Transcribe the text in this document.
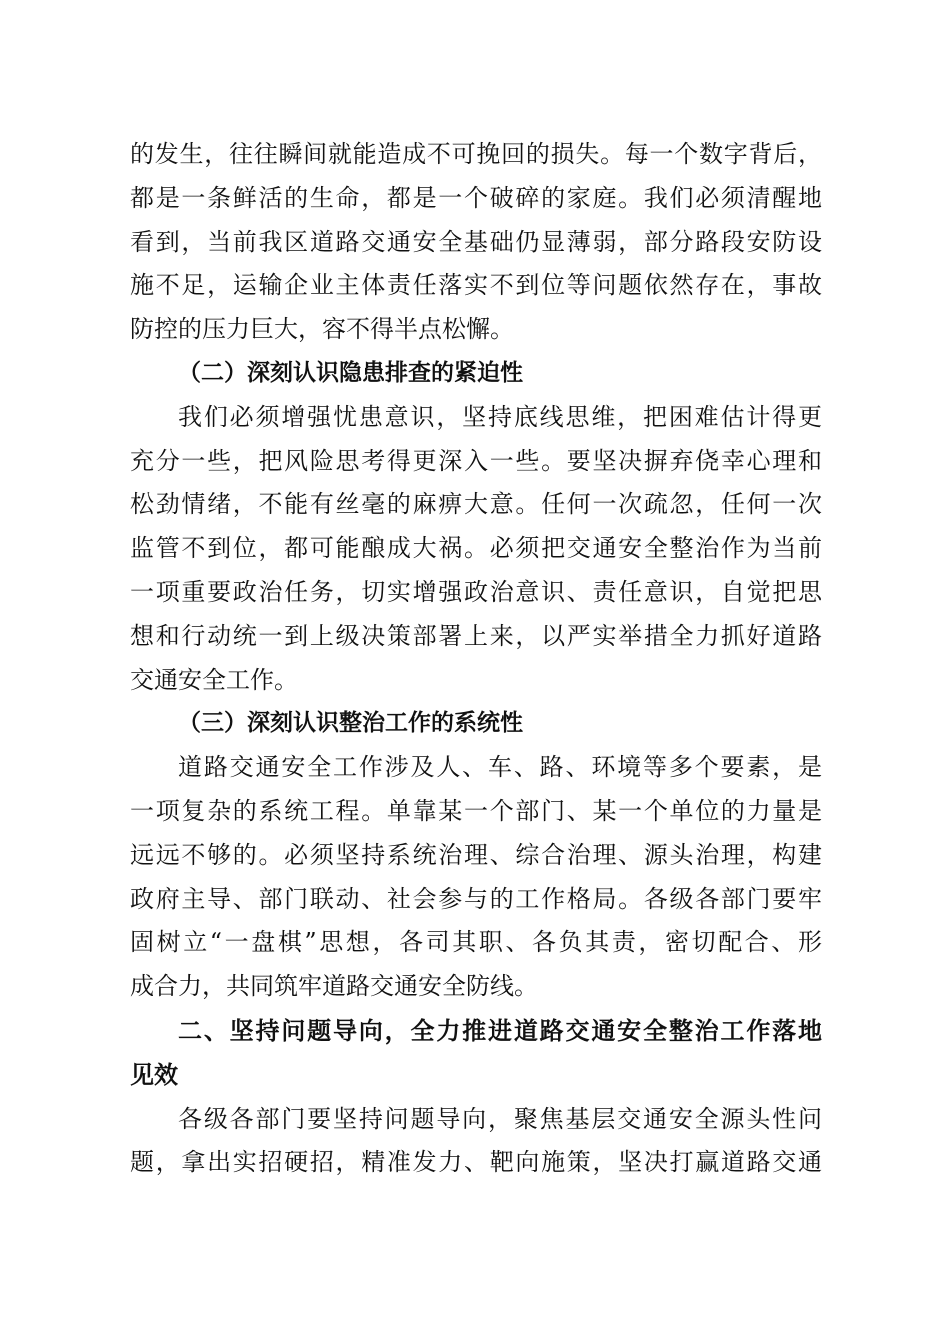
的发生，往往瞬间就能造成不可挽回的损失。每一个数字背后，
都是一条鲜活的生命，都是一个破碎的家庭。我们必须清醒地
看到，当前我区道路交通安全基础仍显薄弱，部分路段安防设
施不足，运输企业主体责任落实不到位等问题依然存在，事故
防控的压力巨大，容不得半点松懈。
（二）深刻认识隐患排查的紧迫性
我们必须增强忧患意识，坚持底线思维，把困难估计得更
充分一些，把风险思考得更深入一些。要坚决摒弃侥幸心理和
松劲情绪，不能有丝毫的麻痹大意。任何一次疏忽，任何一次
监管不到位，都可能酿成大祸。必须把交通安全整治作为当前
一项重要政治任务，切实增强政治意识、责任意识，自觉把思
想和行动统一到上级决策部署上来，以严实举措全力抓好道路
交通安全工作。
（三）深刻认识整治工作的系统性
道路交通安全工作涉及人、车、路、环境等多个要素，是
一项复杂的系统工程。单靠某一个部门、某一个单位的力量是
远远不够的。必须坚持系统治理、综合治理、源头治理，构建
政府主导、部门联动、社会参与的工作格局。各级各部门要牢
固树立“一盘棋”思想，各司其职、各负其责，密切配合、形
成合力，共同筑牢道路交通安全防线。
二、坚持问题导向，全力推进道路交通安全整治工作落地
见效
各级各部门要坚持问题导向，聚焦基层交通安全源头性问
题，拿出实招硬招，精准发力、靶向施策，坚决打赢道路交通
